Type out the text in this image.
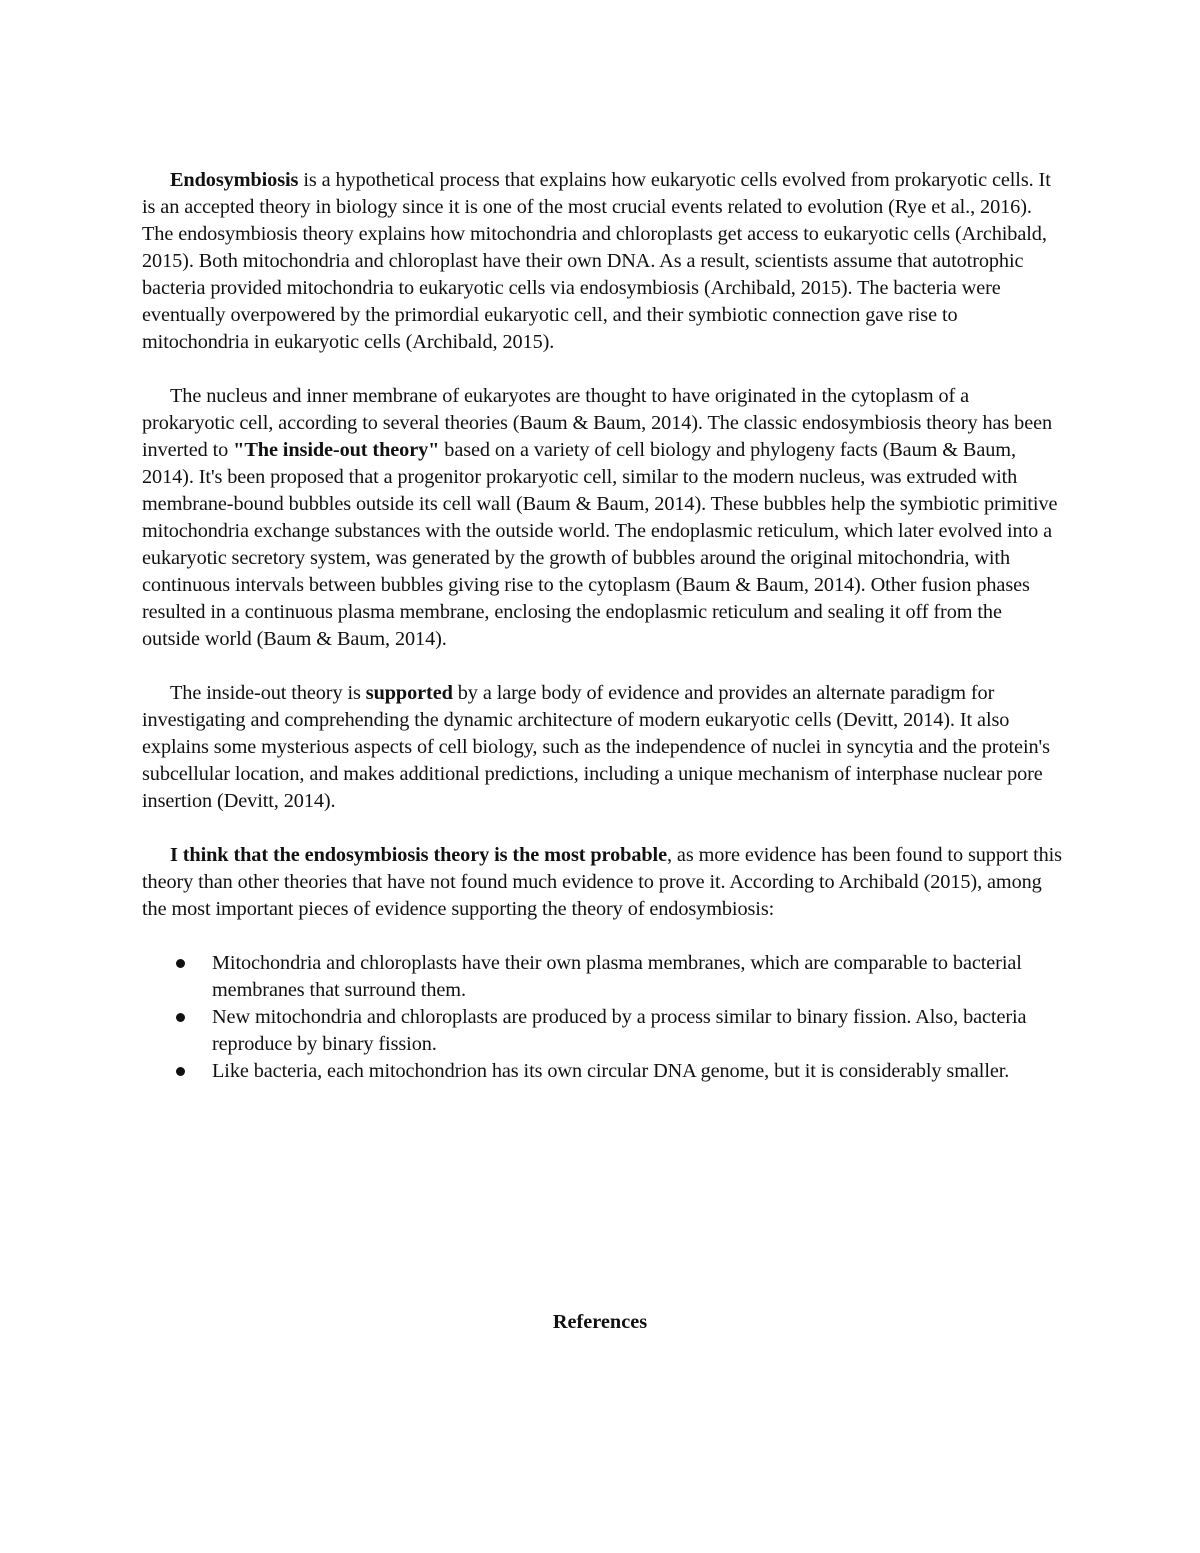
Endosymbiosis is a hypothetical process that explains how eukaryotic cells evolved from prokaryotic cells. It is an accepted theory in biology since it is one of the most crucial events related to evolution (Rye et al., 2016). The endosymbiosis theory explains how mitochondria and chloroplasts get access to eukaryotic cells (Archibald, 2015). Both mitochondria and chloroplast have their own DNA. As a result, scientists assume that autotrophic bacteria provided mitochondria to eukaryotic cells via endosymbiosis (Archibald, 2015). The bacteria were eventually overpowered by the primordial eukaryotic cell, and their symbiotic connection gave rise to mitochondria in eukaryotic cells (Archibald, 2015).

The nucleus and inner membrane of eukaryotes are thought to have originated in the cytoplasm of a prokaryotic cell, according to several theories (Baum & Baum, 2014). The classic endosymbiosis theory has been inverted to "The inside-out theory" based on a variety of cell biology and phylogeny facts (Baum & Baum, 2014). It's been proposed that a progenitor prokaryotic cell, similar to the modern nucleus, was extruded with membrane-bound bubbles outside its cell wall (Baum & Baum, 2014). These bubbles help the symbiotic primitive mitochondria exchange substances with the outside world. The endoplasmic reticulum, which later evolved into a eukaryotic secretory system, was generated by the growth of bubbles around the original mitochondria, with continuous intervals between bubbles giving rise to the cytoplasm (Baum & Baum, 2014). Other fusion phases resulted in a continuous plasma membrane, enclosing the endoplasmic reticulum and sealing it off from the outside world (Baum & Baum, 2014).

The inside-out theory is supported by a large body of evidence and provides an alternate paradigm for investigating and comprehending the dynamic architecture of modern eukaryotic cells (Devitt, 2014). It also explains some mysterious aspects of cell biology, such as the independence of nuclei in syncytia and the protein's subcellular location, and makes additional predictions, including a unique mechanism of interphase nuclear pore insertion (Devitt, 2014).

I think that the endosymbiosis theory is the most probable, as more evidence has been found to support this theory than other theories that have not found much evidence to prove it. According to Archibald (2015), among the most important pieces of evidence supporting the theory of endosymbiosis:

Mitochondria and chloroplasts have their own plasma membranes, which are comparable to bacterial membranes that surround them.
New mitochondria and chloroplasts are produced by a process similar to binary fission. Also, bacteria reproduce by binary fission.
Like bacteria, each mitochondrion has its own circular DNA genome, but it is considerably smaller.

References
